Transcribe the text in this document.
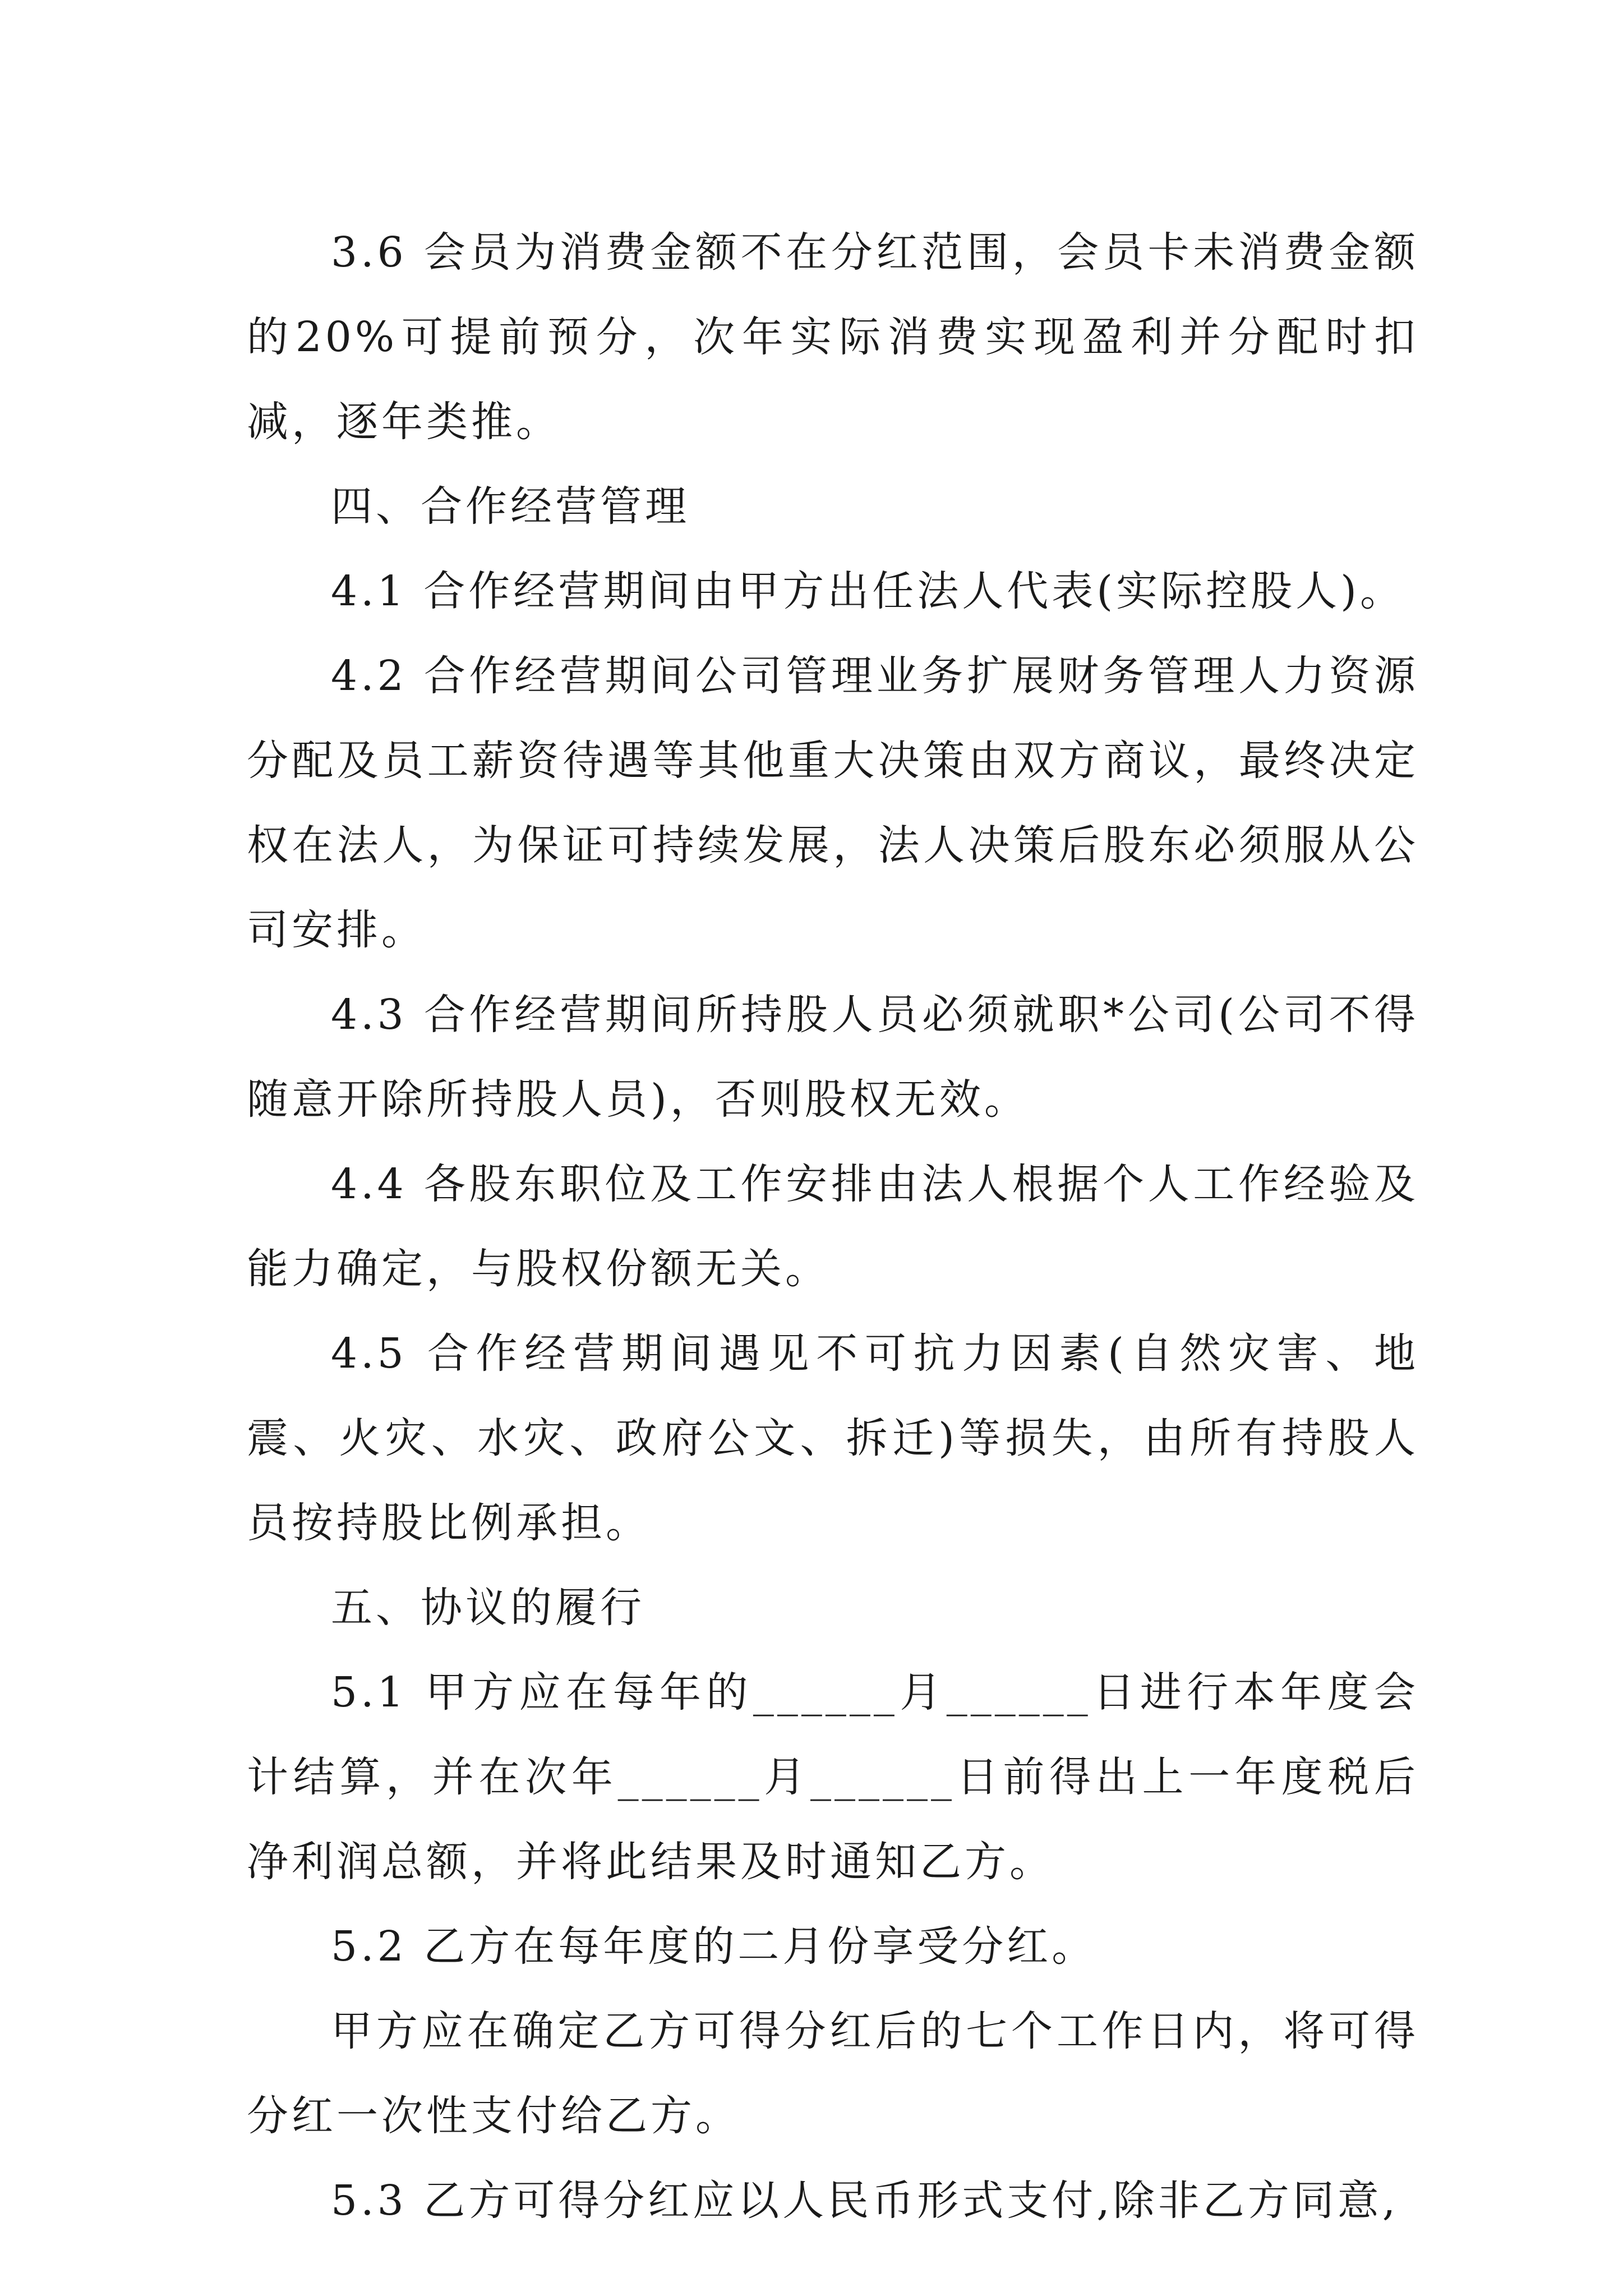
3.6 会员为消费金额不在分红范围，会员卡未消费金额的20%可提前预分，次年实际消费实现盈利并分配时扣减，逐年类推。

四、合作经营管理

4.1 合作经营期间由甲方出任法人代表(实际控股人)。

4.2 合作经营期间公司管理业务扩展财务管理人力资源分配及员工薪资待遇等其他重大决策由双方商议，最终决定权在法人，为保证可持续发展，法人决策后股东必须服从公司安排。

4.3 合作经营期间所持股人员必须就职*公司(公司不得随意开除所持股人员)，否则股权无效。

4.4 各股东职位及工作安排由法人根据个人工作经验及能力确定，与股权份额无关。

4.5 合作经营期间遇见不可抗力因素(自然灾害、地震、火灾、水灾、政府公文、拆迁)等损失，由所有持股人员按持股比例承担。

五、协议的履行

5.1 甲方应在每年的______月______日进行本年度会计结算，并在次年______月______日前得出上一年度税后净利润总额，并将此结果及时通知乙方。

5.2 乙方在每年度的二月份享受分红。

甲方应在确定乙方可得分红后的七个工作日内，将可得分红一次性支付给乙方。

5.3 乙方可得分红应以人民币形式支付,除非乙方同意,
